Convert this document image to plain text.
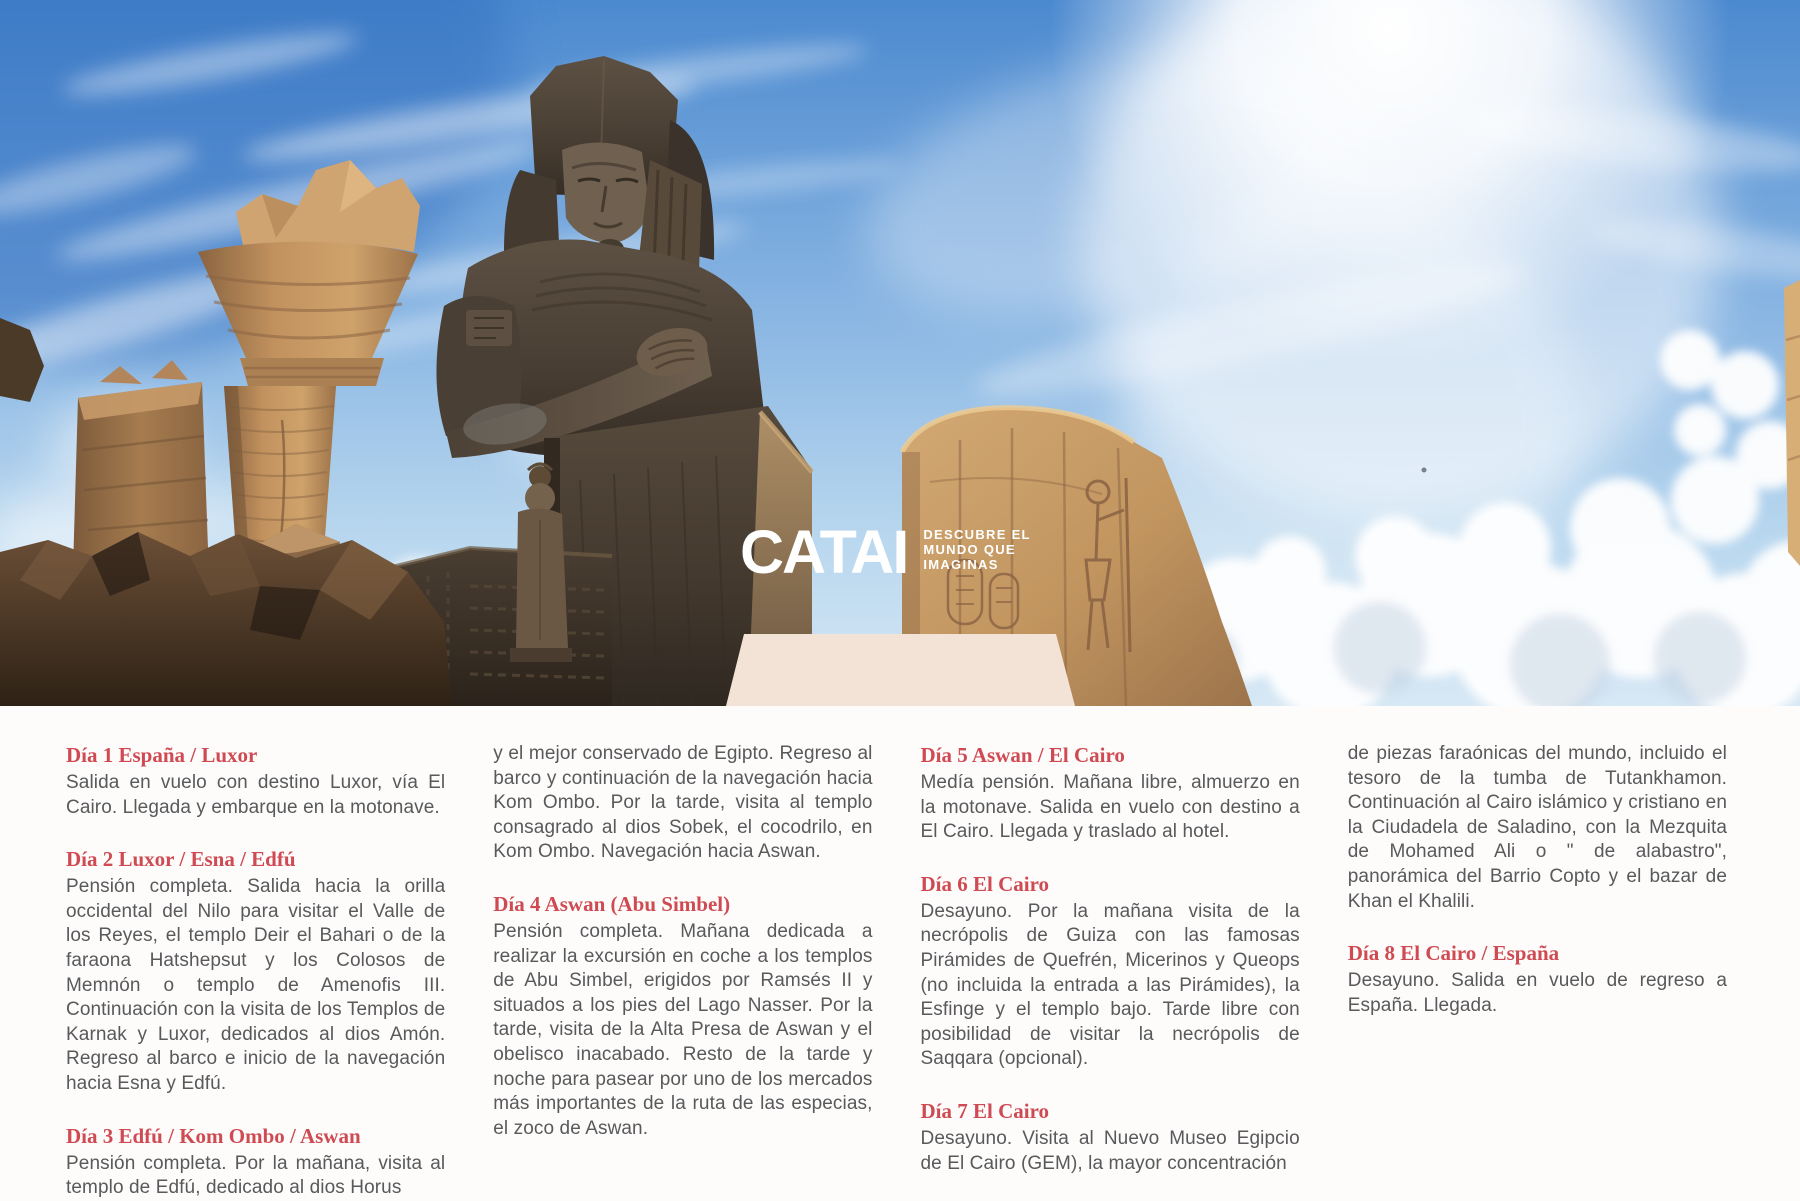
CATAI DESCUBRE EL
MUNDO QUE
IMAGINAS
Día 1 España / Luxor

Salida en vuelo con destino Luxor, vía El Cairo. Llegada y embarque en la motonave.

Día 2 Luxor / Esna / Edfú

Pensión completa. Salida hacia la orilla occidental del Nilo para visitar el Valle de los Reyes, el templo Deir el Bahari o de la faraona Hatshepsut y los Colosos de Memnón o templo de Amenofis III. Continuación con la visita de los Templos de Karnak y Luxor, dedicados al dios Amón. Regreso al barco e inicio de la navegación hacia Esna y Edfú.

Día 3 Edfú / Kom Ombo / Aswan

Pensión completa. Por la mañana, visita al templo de Edfú, dedicado al dios Horus

y el mejor conservado de Egipto. Regreso al barco y continuación de la navegación hacia Kom Ombo. Por la tarde, visita al templo consagrado al dios Sobek, el cocodrilo, en Kom Ombo. Navegación hacia Aswan.

Día 4 Aswan (Abu Simbel)

Pensión completa. Mañana dedicada a realizar la excursión en coche a los templos de Abu Simbel, erigidos por Ramsés II y situados a los pies del Lago Nasser. Por la tarde, visita de la Alta Presa de Aswan y el obelisco inacabado. Resto de la tarde y noche para pasear por uno de los mercados más importantes de la ruta de las especias, el zoco de Aswan.

Día 5 Aswan / El Cairo

Medía pensión. Mañana libre, almuerzo en la motonave. Salida en vuelo con destino a El Cairo. Llegada y traslado al hotel.

Día 6 El Cairo

Desayuno. Por la mañana visita de la necrópolis de Guiza con las famosas Pirámides de Quefrén, Micerinos y Queops (no incluida la entrada a las Pirámides), la Esfinge y el templo bajo. Tarde libre con posibilidad de visitar la necrópolis de Saqqara (opcional).

Día 7 El Cairo

Desayuno. Visita al Nuevo Museo Egipcio de El Cairo (GEM), la mayor concentración

de piezas faraónicas del mundo, incluido el tesoro de la tumba de Tutankhamon. Continuación al Cairo islámico y cristiano en la Ciudadela de Saladino, con la Mezquita de Mohamed Ali o " de alabastro", panorámica del Barrio Copto y el bazar de Khan el Khalili.

Día 8 El Cairo / España

Desayuno. Salida en vuelo de regreso a España. Llegada.
